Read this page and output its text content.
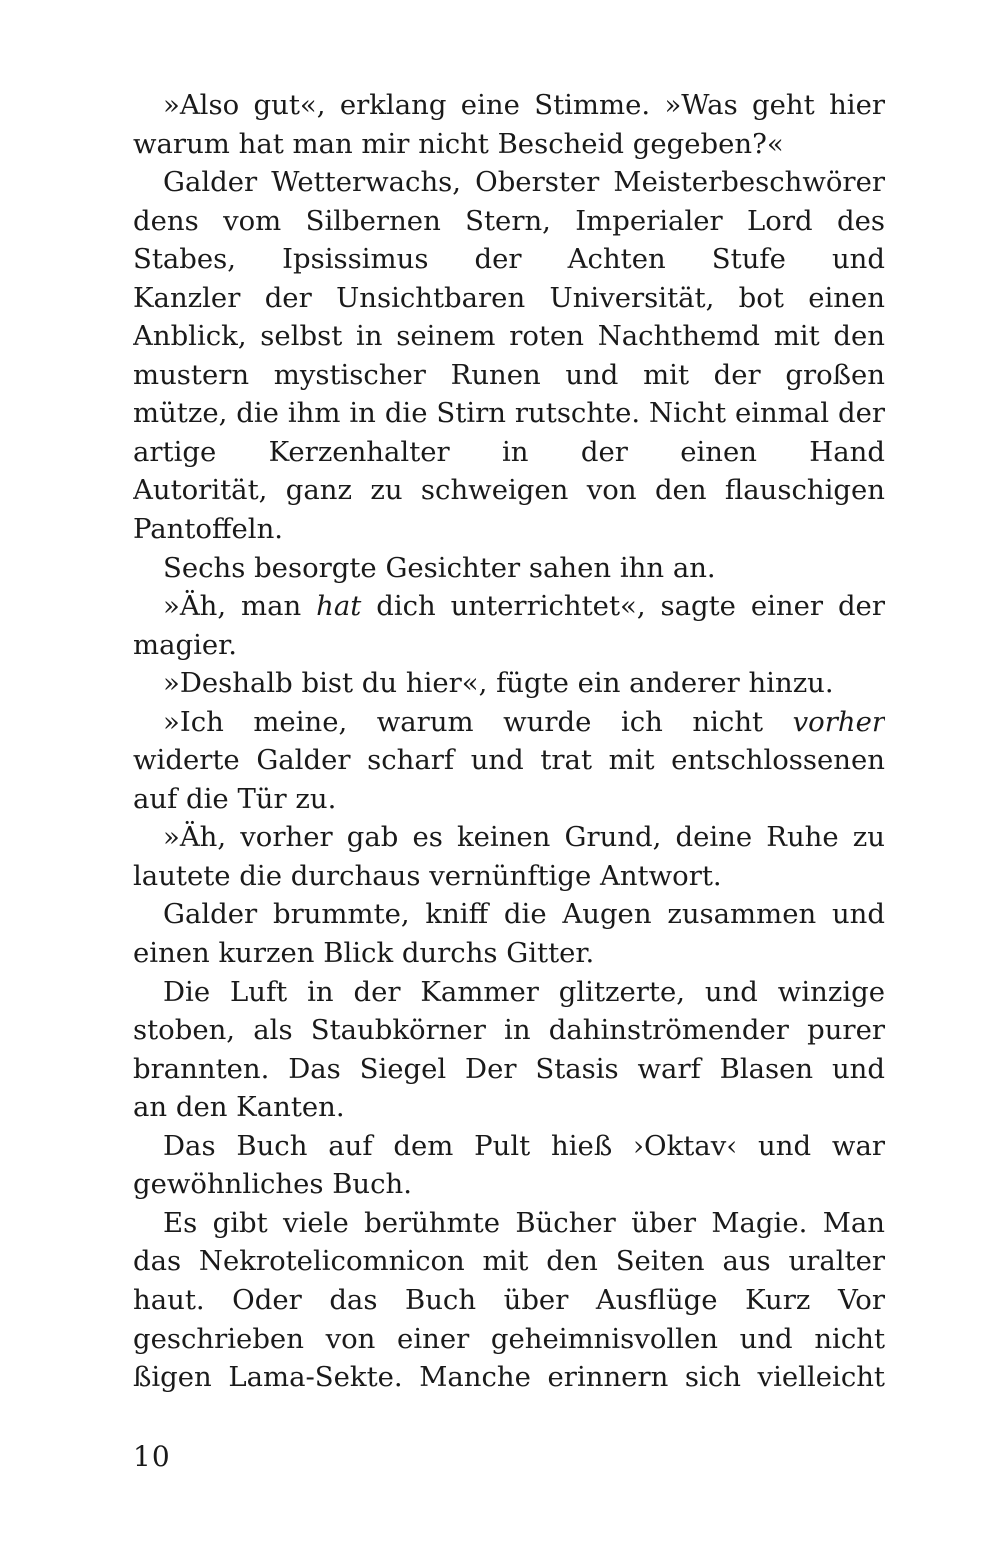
»Also gut«, erklang eine Stimme. »Was geht hier
warum hat man mir nicht Bescheid gegeben?«
Galder Wetterwachs, Oberster Meisterbeschwörer
dens vom Silbernen Stern, Imperialer Lord des
Stabes, Ipsissimus der Achten Stufe und
Kanzler der Unsichtbaren Universität, bot einen
Anblick, selbst in seinem roten Nachthemd mit den
mustern mystischer Runen und mit der großen
mütze, die ihm in die Stirn rutschte. Nicht einmal der
artige Kerzenhalter in der einen Hand
Autorität, ganz zu schweigen von den flauschigen
Pantoffeln.
Sechs besorgte Gesichter sahen ihn an.
»Äh, man hat dich unterrichtet«, sagte einer der
magier.
»Deshalb bist du hier«, fügte ein anderer hinzu.
»Ich meine, warum wurde ich nicht vorher
widerte Galder scharf und trat mit entschlossenen
auf die Tür zu.
»Äh, vorher gab es keinen Grund, deine Ruhe zu
lautete die durchaus vernünftige Antwort.
Galder brummte, kniff die Augen zusammen und
einen kurzen Blick durchs Gitter.
Die Luft in der Kammer glitzerte, und winzige
stoben, als Staubkörner in dahinströmender purer
brannten. Das Siegel Der Stasis warf Blasen und
an den Kanten.
Das Buch auf dem Pult hieß ›Oktav‹ und war
gewöhnliches Buch.
Es gibt viele berühmte Bücher über Magie. Man
das Nekrotelicomnicon mit den Seiten aus uralter
haut. Oder das Buch über Ausflüge Kurz Vor
geschrieben von einer geheimnisvollen und nicht
ßigen Lama-Sekte. Manche erinnern sich vielleicht
10
